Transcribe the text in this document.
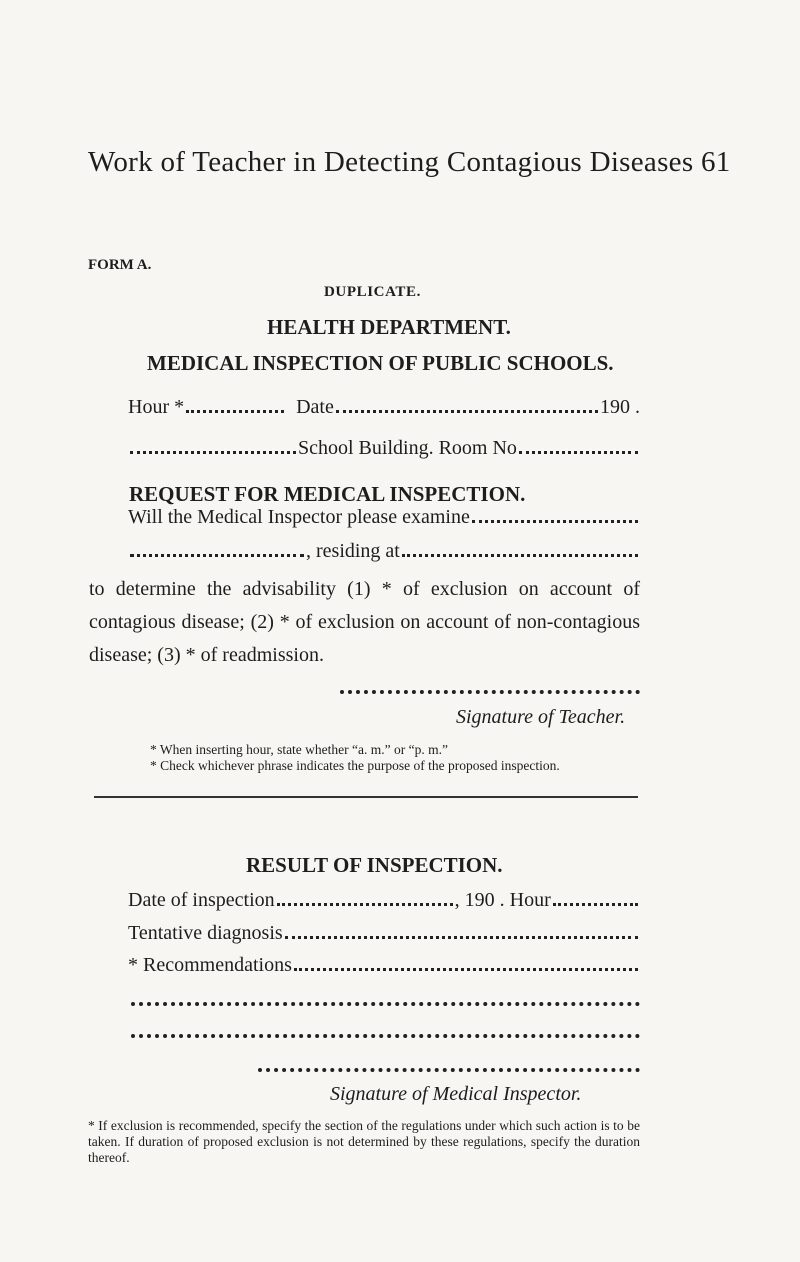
Work of Teacher in Detecting Contagious Diseases 61
FORM A.
DUPLICATE.
HEALTH DEPARTMENT.
MEDICAL INSPECTION OF PUBLIC SCHOOLS.
Hour *	Date	190 .
School Building. Room No
REQUEST FOR MEDICAL INSPECTION.
Will the Medical Inspector please examine
, residing at
to determine the advisability (1) * of exclusion on account of contagious disease; (2) * of exclusion on account of non-contagious disease; (3) * of readmission.
Signature of Teacher.
* When inserting hour, state whether “a. m.” or “p. m.”
* Check whichever phrase indicates the purpose of the proposed inspection.
RESULT OF INSPECTION.
Date of inspection	, 190 . Hour
Tentative diagnosis
* Recommendations
Signature of Medical Inspector.
* If exclusion is recommended, specify the section of the regulations under which such action is to be taken. If duration of proposed exclusion is not determined by these regulations, specify the duration thereof.
